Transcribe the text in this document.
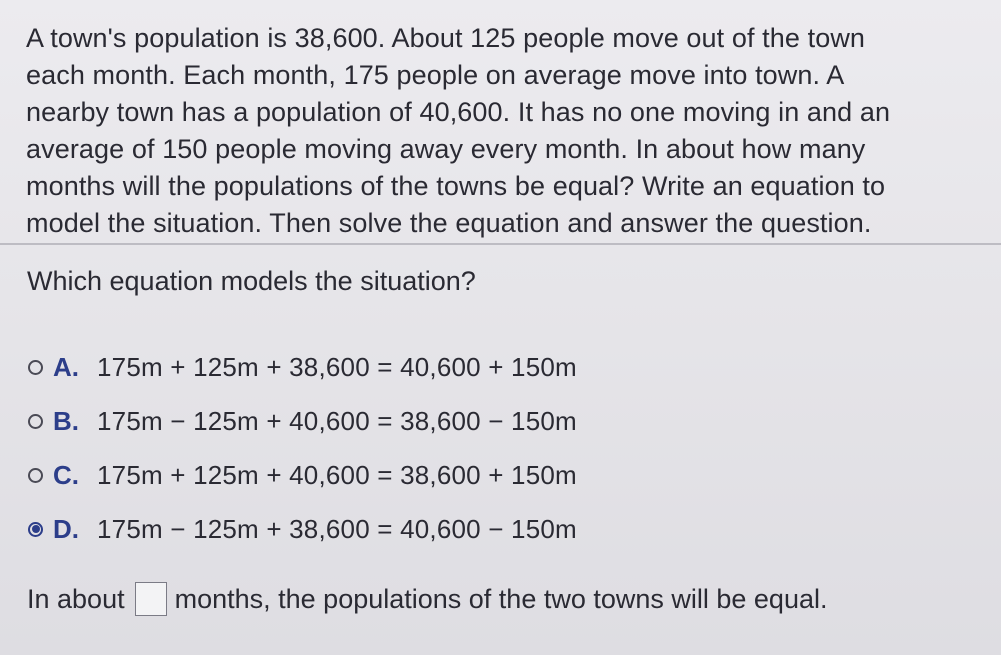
A town's population is 38,600. About 125 people move out of the town
each month. Each month, 175 people on average move into town. A
nearby town has a population of 40,600. It has no one moving in and an
average of 150 people moving away every month. In about how many
months will the populations of the towns be equal? Write an equation to
model the situation. Then solve the equation and answer the question.
Which equation models the situation?
A. 175m + 125m + 38,600 = 40,600 + 150m
B. 175m − 125m + 40,600 = 38,600 − 150m
C. 175m + 125m + 40,600 = 38,600 + 150m
D. 175m − 125m + 38,600 = 40,600 − 150m
In about months, the populations of the two towns will be equal.
